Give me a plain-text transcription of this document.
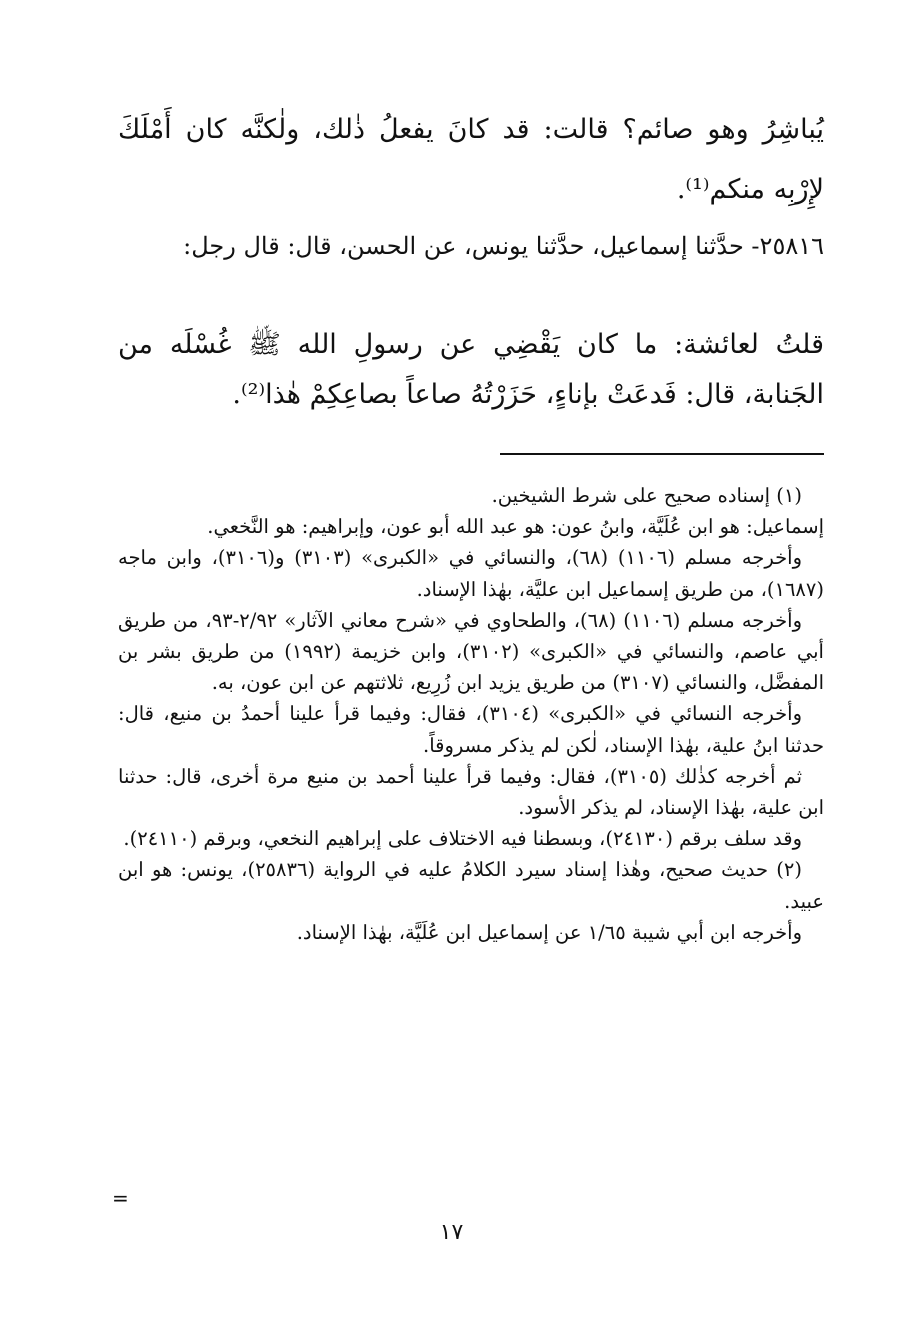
يُباشِرُ وهو صائم؟ قالت: قد كانَ يفعلُ ذٰلك، ولٰكنَّه كان أَمْلَكَ لإِرْبِه منكم⁽¹⁾.

٢٥٨١٦- حدَّثنا إسماعيل، حدَّثنا يونس، عن الحسن، قال: قال رجل:

قلتُ لعائشة: ما كان يَقْضِي عن رسولِ الله ﷺ غُسْلَه من الجَنابة، قال: فَدعَتْ بإناءٍ، حَزَرْتُهُ صاعاً بصاعِكِمْ هٰذا⁽²⁾.

(١) إسناده صحيح على شرط الشيخين.

إسماعيل: هو ابن عُلَيَّة، وابنُ عون: هو عبد الله أبو عون، وإبراهيم: هو النَّخعي.

وأخرجه مسلم (١١٠٦) (٦٨)، والنسائي في «الكبرى» (٣١٠٣) و(٣١٠٦)، وابن ماجه (١٦٨٧)، من طريق إسماعيل ابن عليَّة، بهٰذا الإسناد.

وأخرجه مسلم (١١٠٦) (٦٨)، والطحاوي في «شرح معاني الآثار» ٢/٩٢-٩٣، من طريق أبي عاصم، والنسائي في «الكبرى» (٣١٠٢)، وابن خزيمة (١٩٩٢) من طريق بشر بن المفضَّل، والنسائي (٣١٠٧) من طريق يزيد ابن زُرِيع، ثلاثتهم عن ابن عون، به.

وأخرجه النسائي في «الكبرى» (٣١٠٤)، فقال: وفيما قرأ علينا أحمدُ بن منيع، قال: حدثنا ابنُ علية، بهٰذا الإسناد، لٰكن لم يذكر مسروقاً.

ثم أخرجه كذٰلك (٣١٠٥)، فقال: وفيما قرأ علينا أحمد بن منيع مرة أخرى، قال: حدثنا ابن علية، بهٰذا الإسناد، لم يذكر الأسود.

وقد سلف برقم (٢٤١٣٠)، وبسطنا فيه الاختلاف على إبراهيم النخعي، وبرقم (٢٤١١٠).

(٢) حديث صحيح، وهٰذا إسناد سيرد الكلامُ عليه في الرواية (٢٥٨٣٦)، يونس: هو ابن عبيد.

وأخرجه ابن أبي شيبة ١/٦٥ عن إسماعيل ابن عُلَيَّة، بهٰذا الإسناد.

=
١٧
